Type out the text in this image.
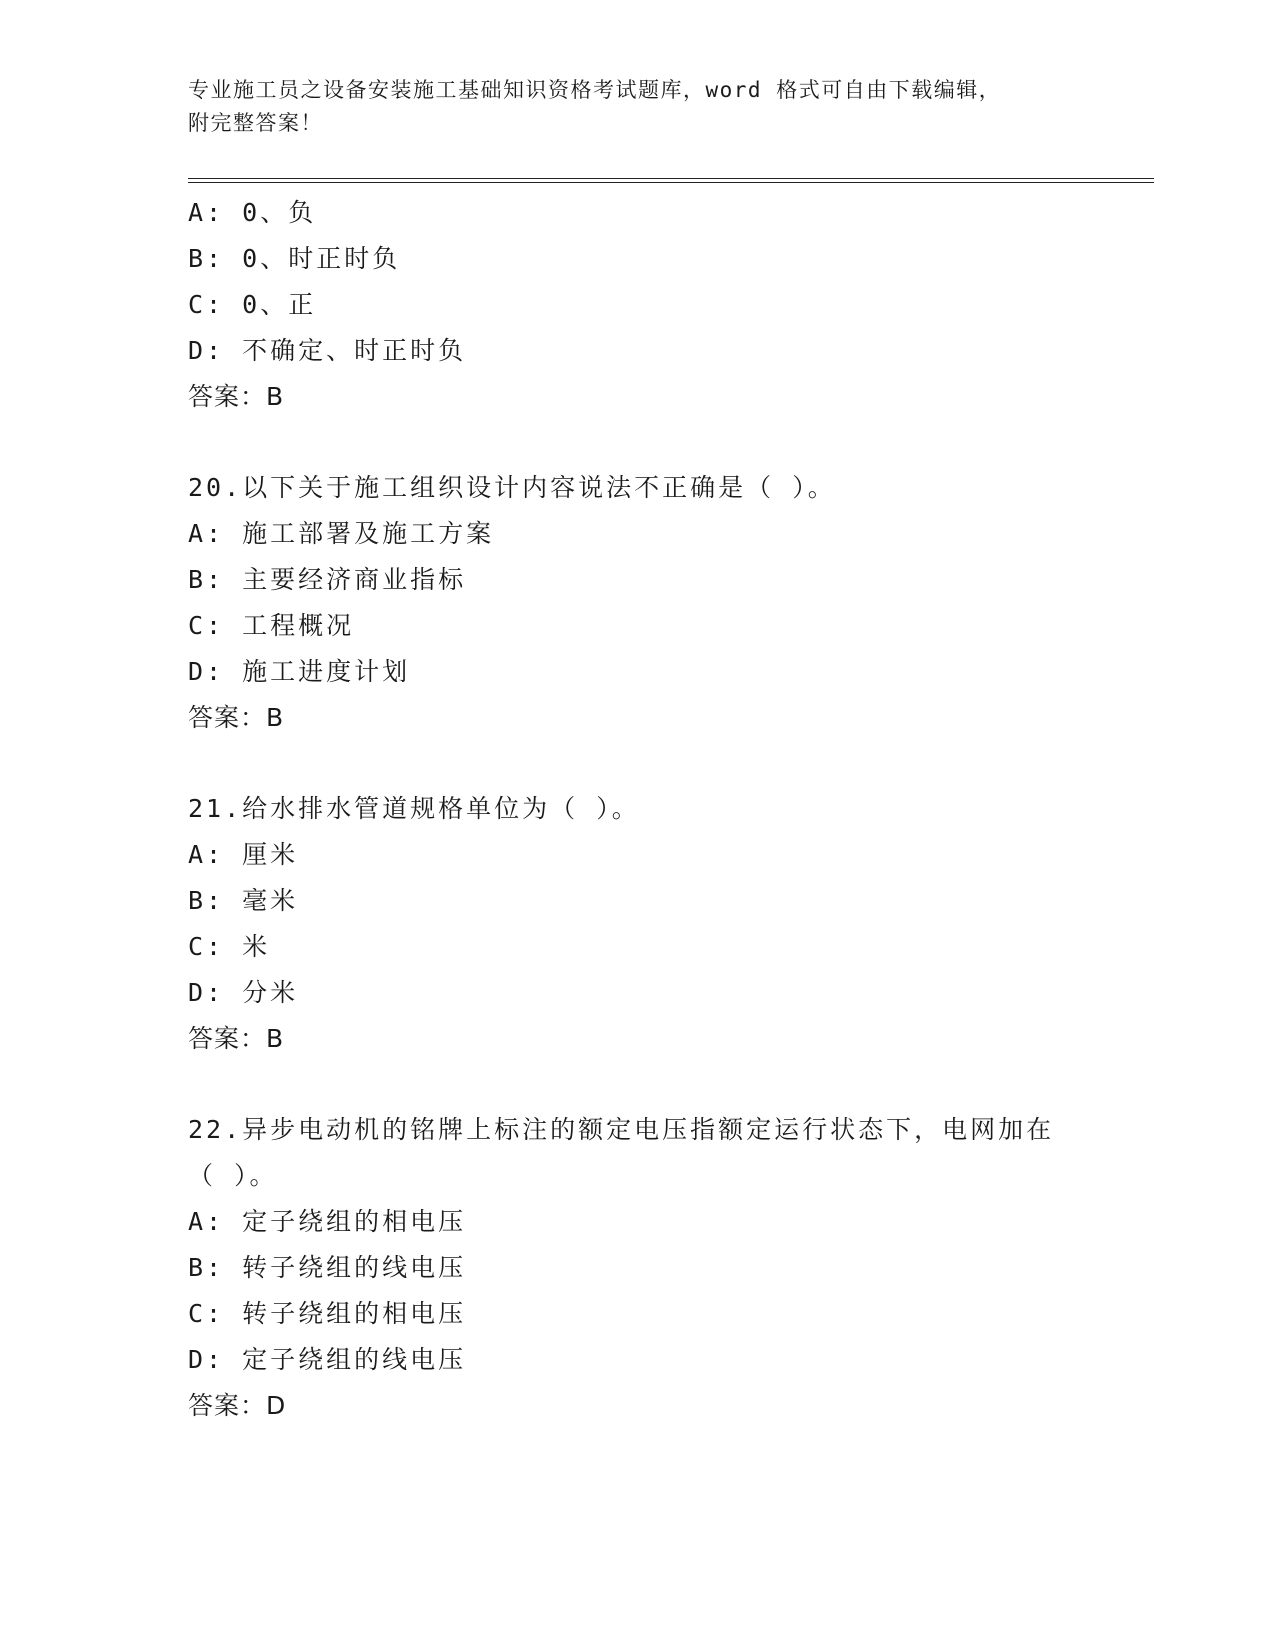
专业施工员之设备安装施工基础知识资格考试题库，word 格式可自由下载编辑，
附完整答案！
A: 0、负
B: 0、时正时负
C: 0、正
D: 不确定、时正时负
答案：B
20.以下关于施工组织设计内容说法不正确是（ ）。
A: 施工部署及施工方案
B: 主要经济商业指标
C: 工程概况
D: 施工进度计划
答案：B
21.给水排水管道规格单位为（ ）。
A: 厘米
B: 毫米
C: 米
D: 分米
答案：B
22.异步电动机的铭牌上标注的额定电压指额定运行状态下，电网加在
（ ）。
A: 定子绕组的相电压
B: 转子绕组的线电压
C: 转子绕组的相电压
D: 定子绕组的线电压
答案：D
